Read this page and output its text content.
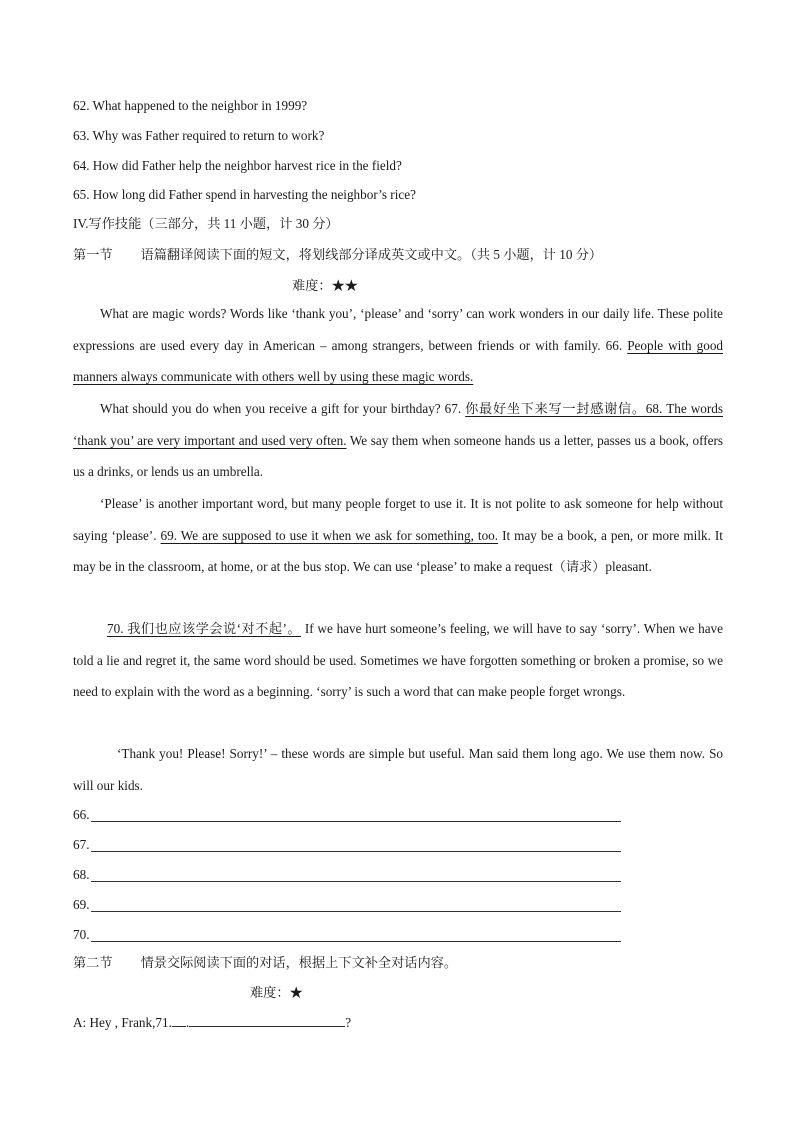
62. What happened to the neighbor in 1999?
63. Why was Father required to return to work?
64. How did Father help the neighbor harvest rice in the field?
65. How long did Father spend in harvesting the neighbor’s rice?
IV.写作技能（三部分，共 11 小题，计 30 分）
第一节 语篇翻译阅读下面的短文，将划线部分译成英文或中文。（共 5 小题，计 10 分）
难度：★★
What are magic words? Words like ‘thank you’, ‘please’ and ‘sorry’ can work wonders in our daily life. These polite expressions are used every day in American – among strangers, between friends or with family. 66. People with good manners always communicate with others well by using these magic words.
What should you do when you receive a gift for your birthday? 67. 你最好坐下来写一封感谢信。68. The words ‘thank you’ are very important and used very often. We say them when someone hands us a letter, passes us a book, offers us a drinks, or lends us an umbrella.
‘Please’ is another important word, but many people forget to use it. It is not polite to ask someone for help without saying ‘please’. 69. We are supposed to use it when we ask for something, too. It may be a book, a pen, or more milk. It may be in the classroom, at home, or at the bus stop. We can use ‘please’ to make a request（请求）pleasant.
70. 我们也应该学会说‘对不起’。 If we have hurt someone’s feeling, we will have to say ‘sorry’. When we have told a lie and regret it, the same word should be used. Sometimes we have forgotten something or broken a promise, so we need to explain with the word as a beginning. ‘sorry’ is such a word that can make people forget wrongs.
‘Thank you! Please! Sorry!’ – these words are simple but useful. Man said them long ago. We use them now. So will our kids.
66.
67.
68.
69.
70.
第二节 情景交际阅读下面的对话，根据上下文补全对话内容。
难度：★
A: Hey , Frank,71. .	?
